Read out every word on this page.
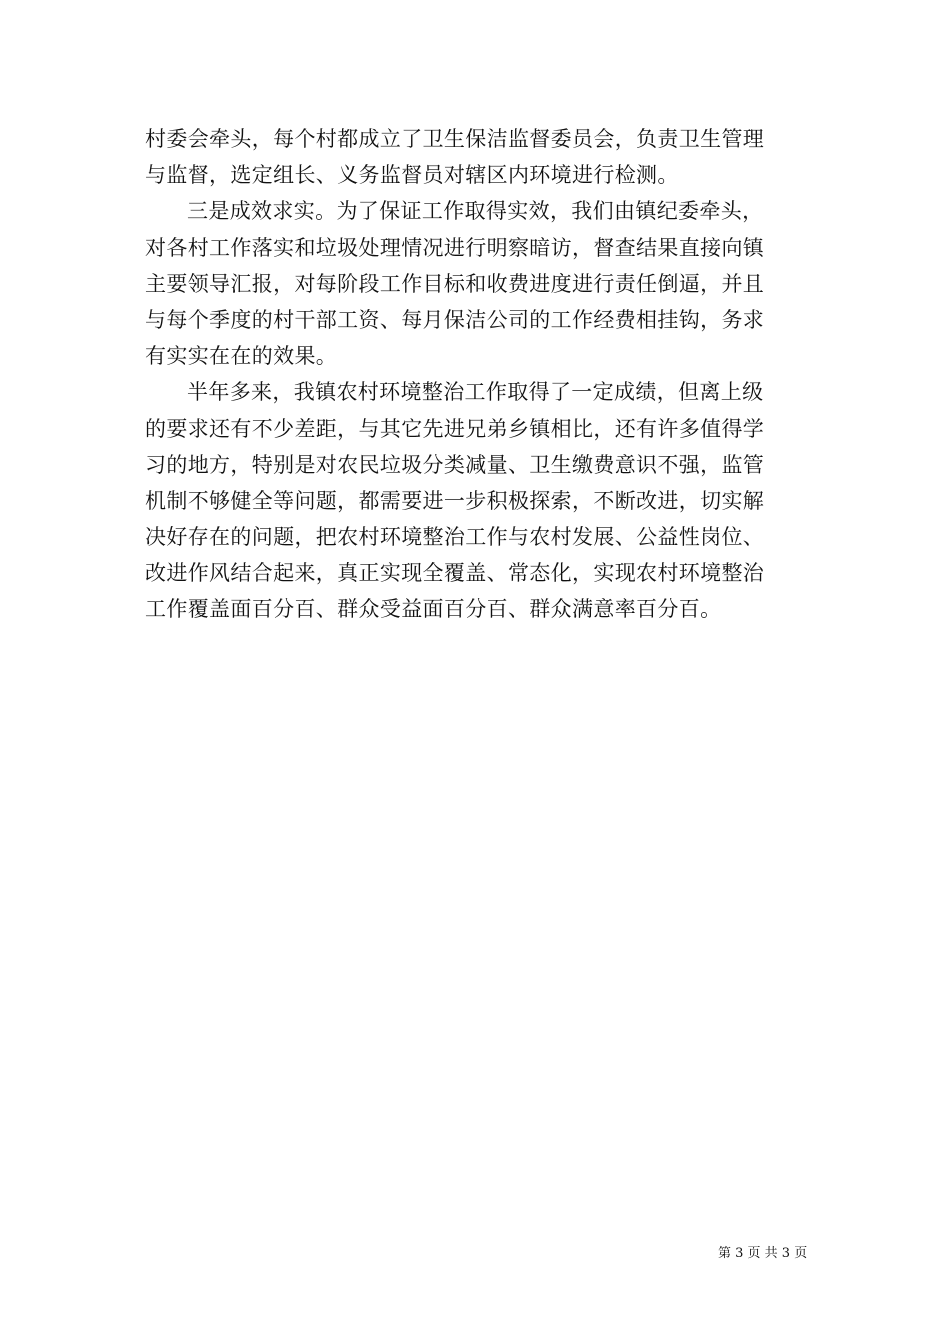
村委会牵头，每个村都成立了卫生保洁监督委员会，负责卫生管理
与监督，选定组长、义务监督员对辖区内环境进行检测。
三是成效求实。为了保证工作取得实效，我们由镇纪委牵头，
对各村工作落实和垃圾处理情况进行明察暗访，督查结果直接向镇
主要领导汇报，对每阶段工作目标和收费进度进行责任倒逼，并且
与每个季度的村干部工资、每月保洁公司的工作经费相挂钩，务求
有实实在在的效果。
半年多来，我镇农村环境整治工作取得了一定成绩，但离上级
的要求还有不少差距，与其它先进兄弟乡镇相比，还有许多值得学
习的地方，特别是对农民垃圾分类减量、卫生缴费意识不强，监管
机制不够健全等问题，都需要进一步积极探索，不断改进，切实解
决好存在的问题，把农村环境整治工作与农村发展、公益性岗位、
改进作风结合起来，真正实现全覆盖、常态化，实现农村环境整治
工作覆盖面百分百、群众受益面百分百、群众满意率百分百。
第 3 页 共 3 页
